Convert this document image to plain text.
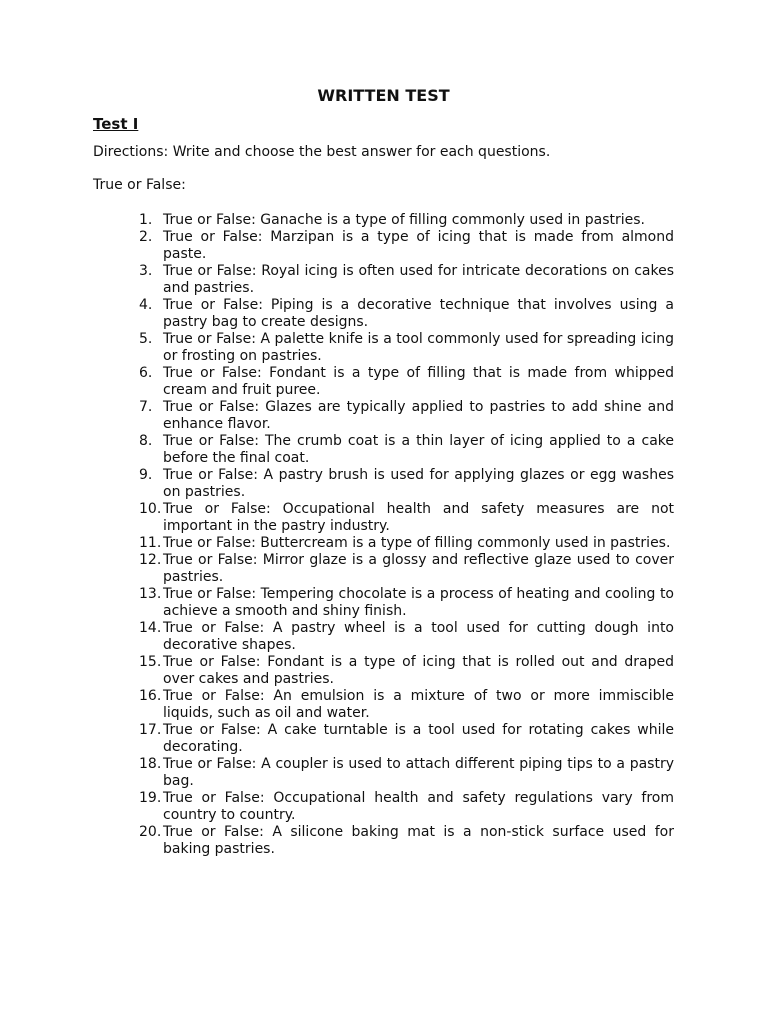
WRITTEN TEST
Test I
Directions: Write and choose the best answer for each questions.
True or False:
1. True or False: Ganache is a type of filling commonly used in pastries.
2. True or False: Marzipan is a type of icing that is made from almond paste.
3. True or False: Royal icing is often used for intricate decorations on cakes and pastries.
4. True or False: Piping is a decorative technique that involves using a pastry bag to create designs.
5. True or False: A palette knife is a tool commonly used for spreading icing or frosting on pastries.
6. True or False: Fondant is a type of filling that is made from whipped cream and fruit puree.
7. True or False: Glazes are typically applied to pastries to add shine and enhance flavor.
8. True or False: The crumb coat is a thin layer of icing applied to a cake before the final coat.
9. True or False: A pastry brush is used for applying glazes or egg washes on pastries.
10. True or False: Occupational health and safety measures are not important in the pastry industry.
11. True or False: Buttercream is a type of filling commonly used in pastries.
12. True or False: Mirror glaze is a glossy and reflective glaze used to cover pastries.
13. True or False: Tempering chocolate is a process of heating and cooling to achieve a smooth and shiny finish.
14. True or False: A pastry wheel is a tool used for cutting dough into decorative shapes.
15. True or False: Fondant is a type of icing that is rolled out and draped over cakes and pastries.
16. True or False: An emulsion is a mixture of two or more immiscible liquids, such as oil and water.
17. True or False: A cake turntable is a tool used for rotating cakes while decorating.
18. True or False: A coupler is used to attach different piping tips to a pastry bag.
19. True or False: Occupational health and safety regulations vary from country to country.
20. True or False: A silicone baking mat is a non-stick surface used for baking pastries.
